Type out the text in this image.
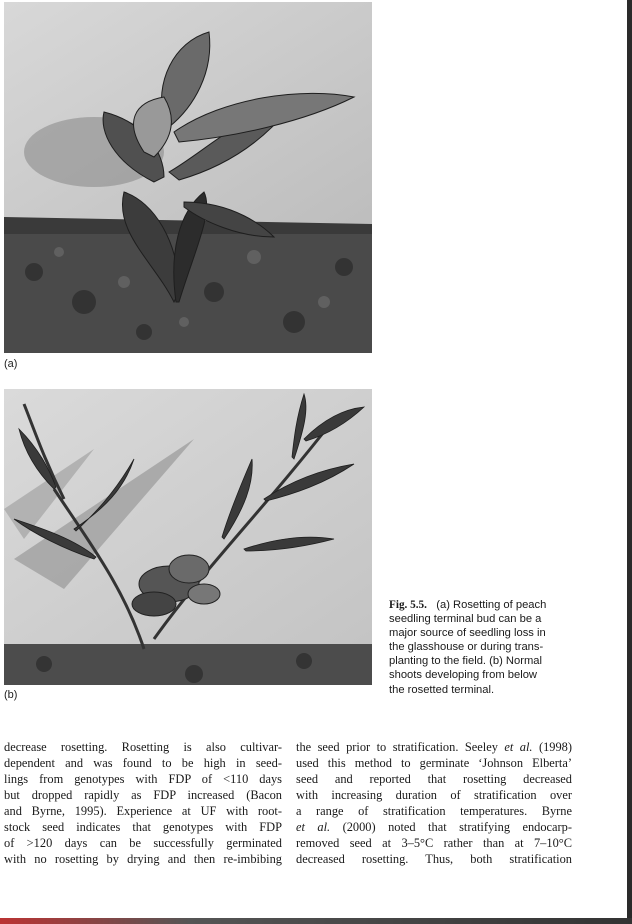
(a)
(b)
Fig. 5.5. (a) Rosetting of peach
seedling terminal bud can be a
major source of seedling loss in
the glasshouse or during trans-
planting to the field. (b) Normal
shoots developing from below
the rosetted terminal.
decrease rosetting. Rosetting is also cultivar-
dependent and was found to be high in seed-
lings from genotypes with FDP of <110 days
but dropped rapidly as FDP increased (Bacon
and Byrne, 1995). Experience at UF with root-
stock seed indicates that genotypes with FDP
of >120 days can be successfully germinated
with no rosetting by drying and then re-imbibing
the seed prior to stratification. Seeley et al. (1998)
used this method to germinate ‘Johnson Elberta’
seed and reported that rosetting decreased
with increasing duration of stratification over
a range of stratification temperatures. Byrne
et al. (2000) noted that stratifying endocarp-
removed seed at 3–5°C rather than at 7–10°C
decreased rosetting. Thus, both stratification
